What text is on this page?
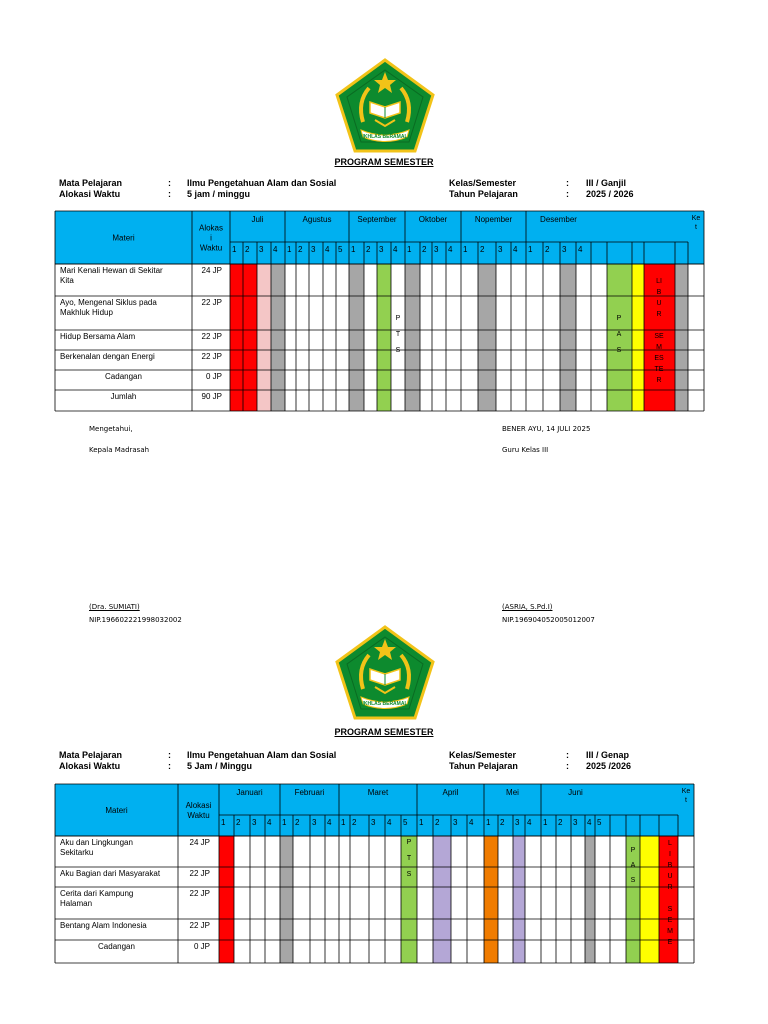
IKHLAS BERAMAL
IKHLAS BERAMAL
PROGRAM SEMESTER
Mata Pelajaran	: Ilmu Pengetahuan Alam dan Sosial
Alokasi Waktu	: 5 jam / minggu
Kelas/Semester	: III / Ganjil
Tahun Pelajaran	: 2025 / 2026
Materi
Alokas
i
Waktu
Ke
t
Juli
1 2 3 4
Agustus
1 2 3 4 5
September
1 2 3 4
Oktober
1 2 3 4
Nopember
1 2 3 4
Desember
1 2 3 4
Mari Kenali Hewan di Sekitar
Kita
24 JP
Ayo, Mengenal Siklus pada
Makhluk Hidup
22 JP
Hidup Bersama Alam	22 JP
Berkenalan dengan Energi	22 JP
Cadangan	0 JP
Jumlah	90 JP
P
T
S
P
A
S
LI
B
U
R
SE
M
ES
TE
R
Mengetahui,
Kepala Madrasah
(Dra. SUMIATI)
NIP.196602221998032002
BENER AYU, 14 JULI 2025
Guru Kelas III
(ASRIA, S.Pd.I)
NIP.196904052005012007
PROGRAM SEMESTER
Mata Pelajaran	: Ilmu Pengetahuan Alam dan Sosial
Alokasi Waktu	: 5 Jam / Minggu
Kelas/Semester	: III / Genap
Tahun Pelajaran	: 2025 /2026
Materi
Alokasi
Waktu
Ke
t
Januari
1 2 3 4
Februari
1 2 3 4
Maret
1 2 3 4 5
April
1 2 3 4
Mei
1 2 3 4
Juni
1 2 3 4 5
Aku dan Lingkungan
Sekitarku
24 JP
Aku Bagian dari Masyarakat	22 JP
Cerita dari Kampung
Halaman
22 JP
Bentang Alam Indonesia	22 JP
Cadangan	0 JP
P
T
S
P
A
S
L
I
B
U
R
S
E
M
E
